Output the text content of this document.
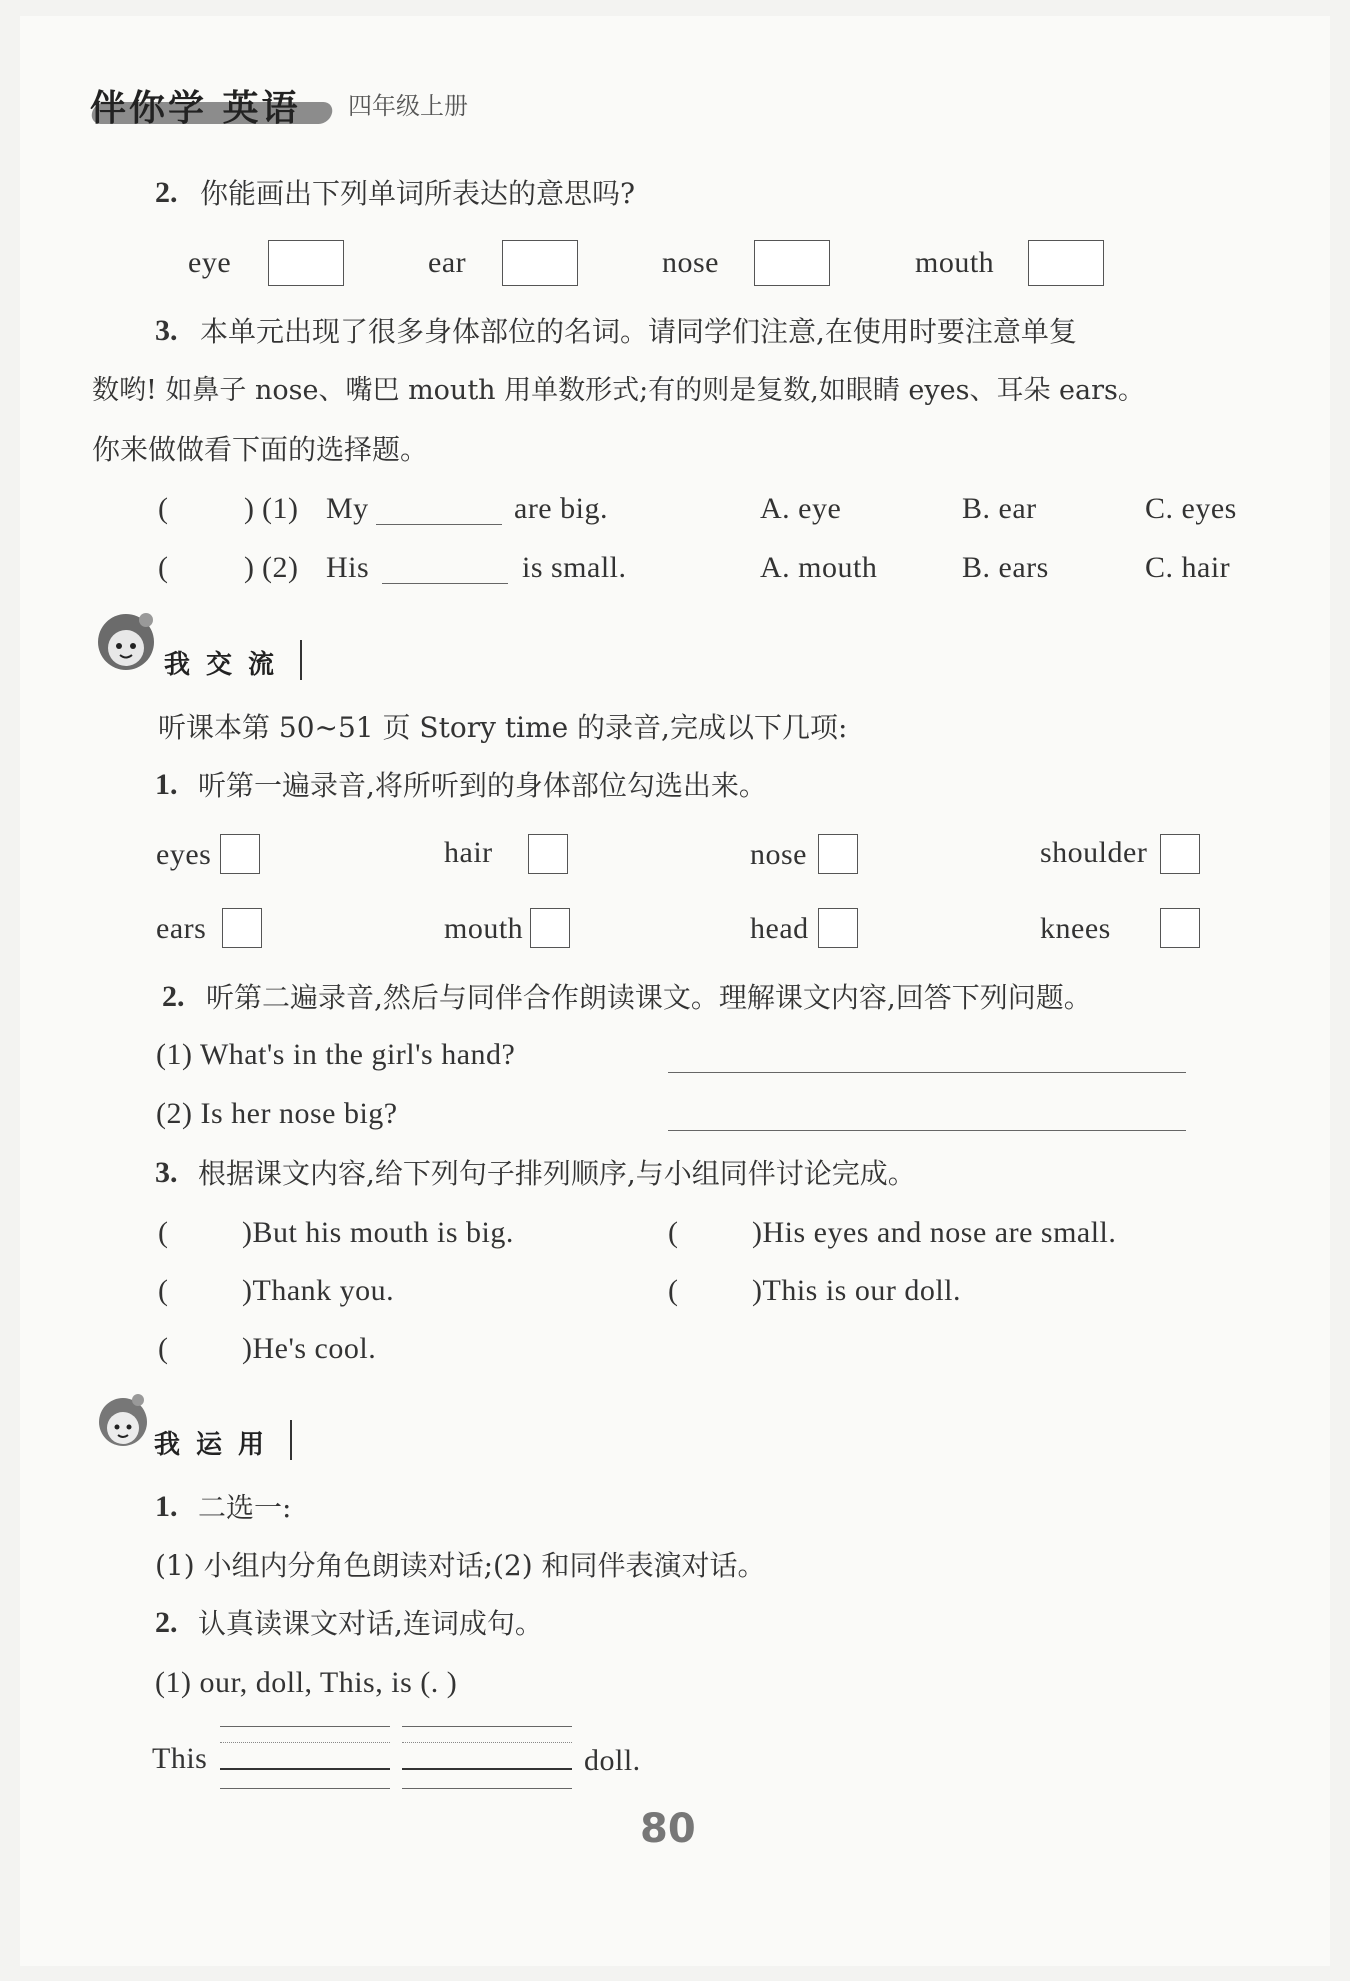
伴你学 英语 四年级上册
2. 你能画出下列单词所表达的意思吗?
eye	ear	nose	mouth
3. 本单元出现了很多身体部位的名词。请同学们注意,在使用时要注意单复
数哟! 如鼻子 nose、嘴巴 mouth 用单数形式;有的则是复数,如眼睛 eyes、耳朵 ears。
你来做做看下面的选择题。
(	) (1) My	are big.	A. eye	B. ear	C. eyes
(	) (2) His	is small.	A. mouth	B. ears	C. hair
我交流
听课本第 50~51 页 Story time 的录音,完成以下几项:
1. 听第一遍录音,将所听到的身体部位勾选出来。
eyes	hair	nose	shoulder
ears	mouth	head	knees
2. 听第二遍录音,然后与同伴合作朗读课文。理解课文内容,回答下列问题。
(1) What's in the girl's hand?
(2) Is her nose big?
3. 根据课文内容,给下列句子排列顺序,与小组同伴讨论完成。
( )But his mouth is big.	( )His eyes and nose are small.
( )Thank you.	( )This is our doll.
( )He's cool.
我运用
1. 二选一:
(1) 小组内分角色朗读对话;(2) 和同伴表演对话。
2. 认真读课文对话,连词成句。
(1) our, doll, This, is (. )
This	doll.
80
